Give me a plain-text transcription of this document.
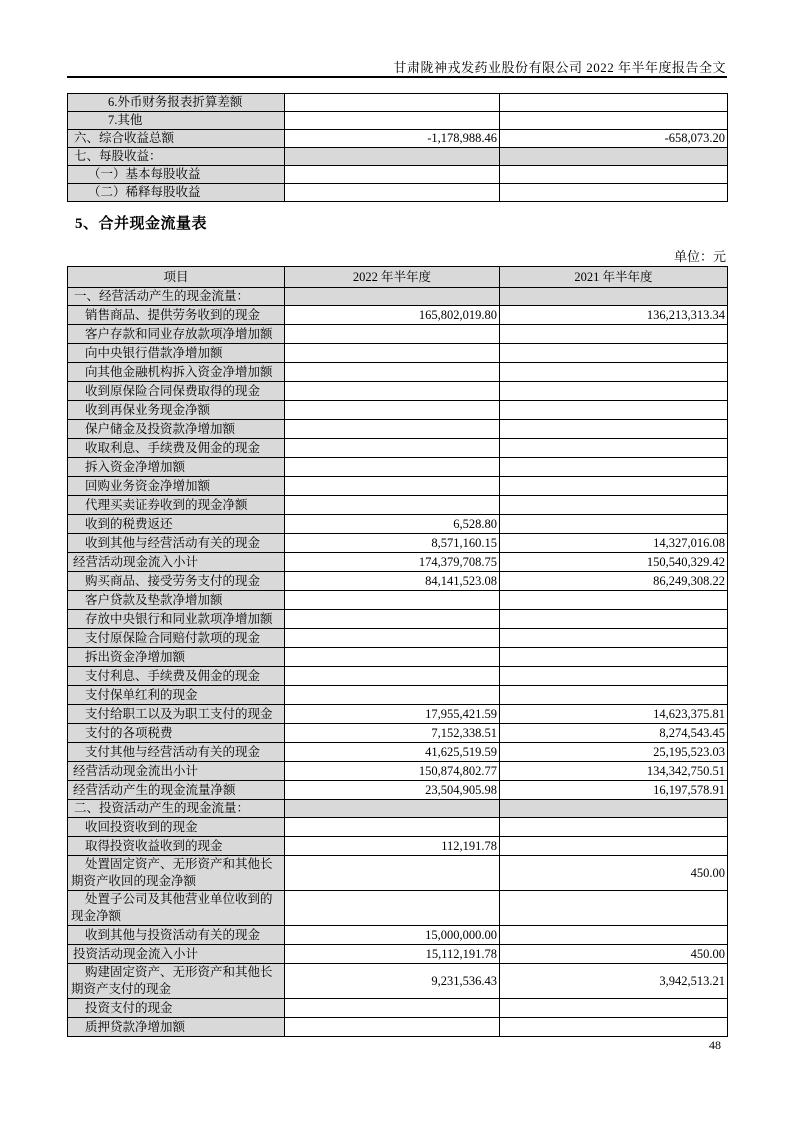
甘肃陇神戎发药业股份有限公司 2022 年半年度报告全文
6.外币财务报表折算差额		
7.其他		
六、综合收益总额	-1,178,988.46	-658,073.20
七、每股收益：		
（一）基本每股收益		
（二）稀释每股收益		
5、合并现金流量表
单位：元
项目	2022 年半年度	2021 年半年度
一、经营活动产生的现金流量：		
销售商品、提供劳务收到的现金	165,802,019.80	136,213,313.34
客户存款和同业存放款项净增加额		
向中央银行借款净增加额		
向其他金融机构拆入资金净增加额		
收到原保险合同保费取得的现金		
收到再保业务现金净额		
保户储金及投资款净增加额		
收取利息、手续费及佣金的现金		
拆入资金净增加额		
回购业务资金净增加额		
代理买卖证券收到的现金净额		
收到的税费返还	6,528.80	
收到其他与经营活动有关的现金	8,571,160.15	14,327,016.08
经营活动现金流入小计	174,379,708.75	150,540,329.42
购买商品、接受劳务支付的现金	84,141,523.08	86,249,308.22
客户贷款及垫款净增加额		
存放中央银行和同业款项净增加额		
支付原保险合同赔付款项的现金		
拆出资金净增加额		
支付利息、手续费及佣金的现金		
支付保单红利的现金		
支付给职工以及为职工支付的现金	17,955,421.59	14,623,375.81
支付的各项税费	7,152,338.51	8,274,543.45
支付其他与经营活动有关的现金	41,625,519.59	25,195,523.03
经营活动现金流出小计	150,874,802.77	134,342,750.51
经营活动产生的现金流量净额	23,504,905.98	16,197,578.91
二、投资活动产生的现金流量：		
收回投资收到的现金		
取得投资收益收到的现金	112,191.78	
处置固定资产、无形资产和其他长期资产收回的现金净额		450.00
处置子公司及其他营业单位收到的现金净额		
收到其他与投资活动有关的现金	15,000,000.00	
投资活动现金流入小计	15,112,191.78	450.00
购建固定资产、无形资产和其他长期资产支付的现金	9,231,536.43	3,942,513.21
投资支付的现金		
质押贷款净增加额		
48
